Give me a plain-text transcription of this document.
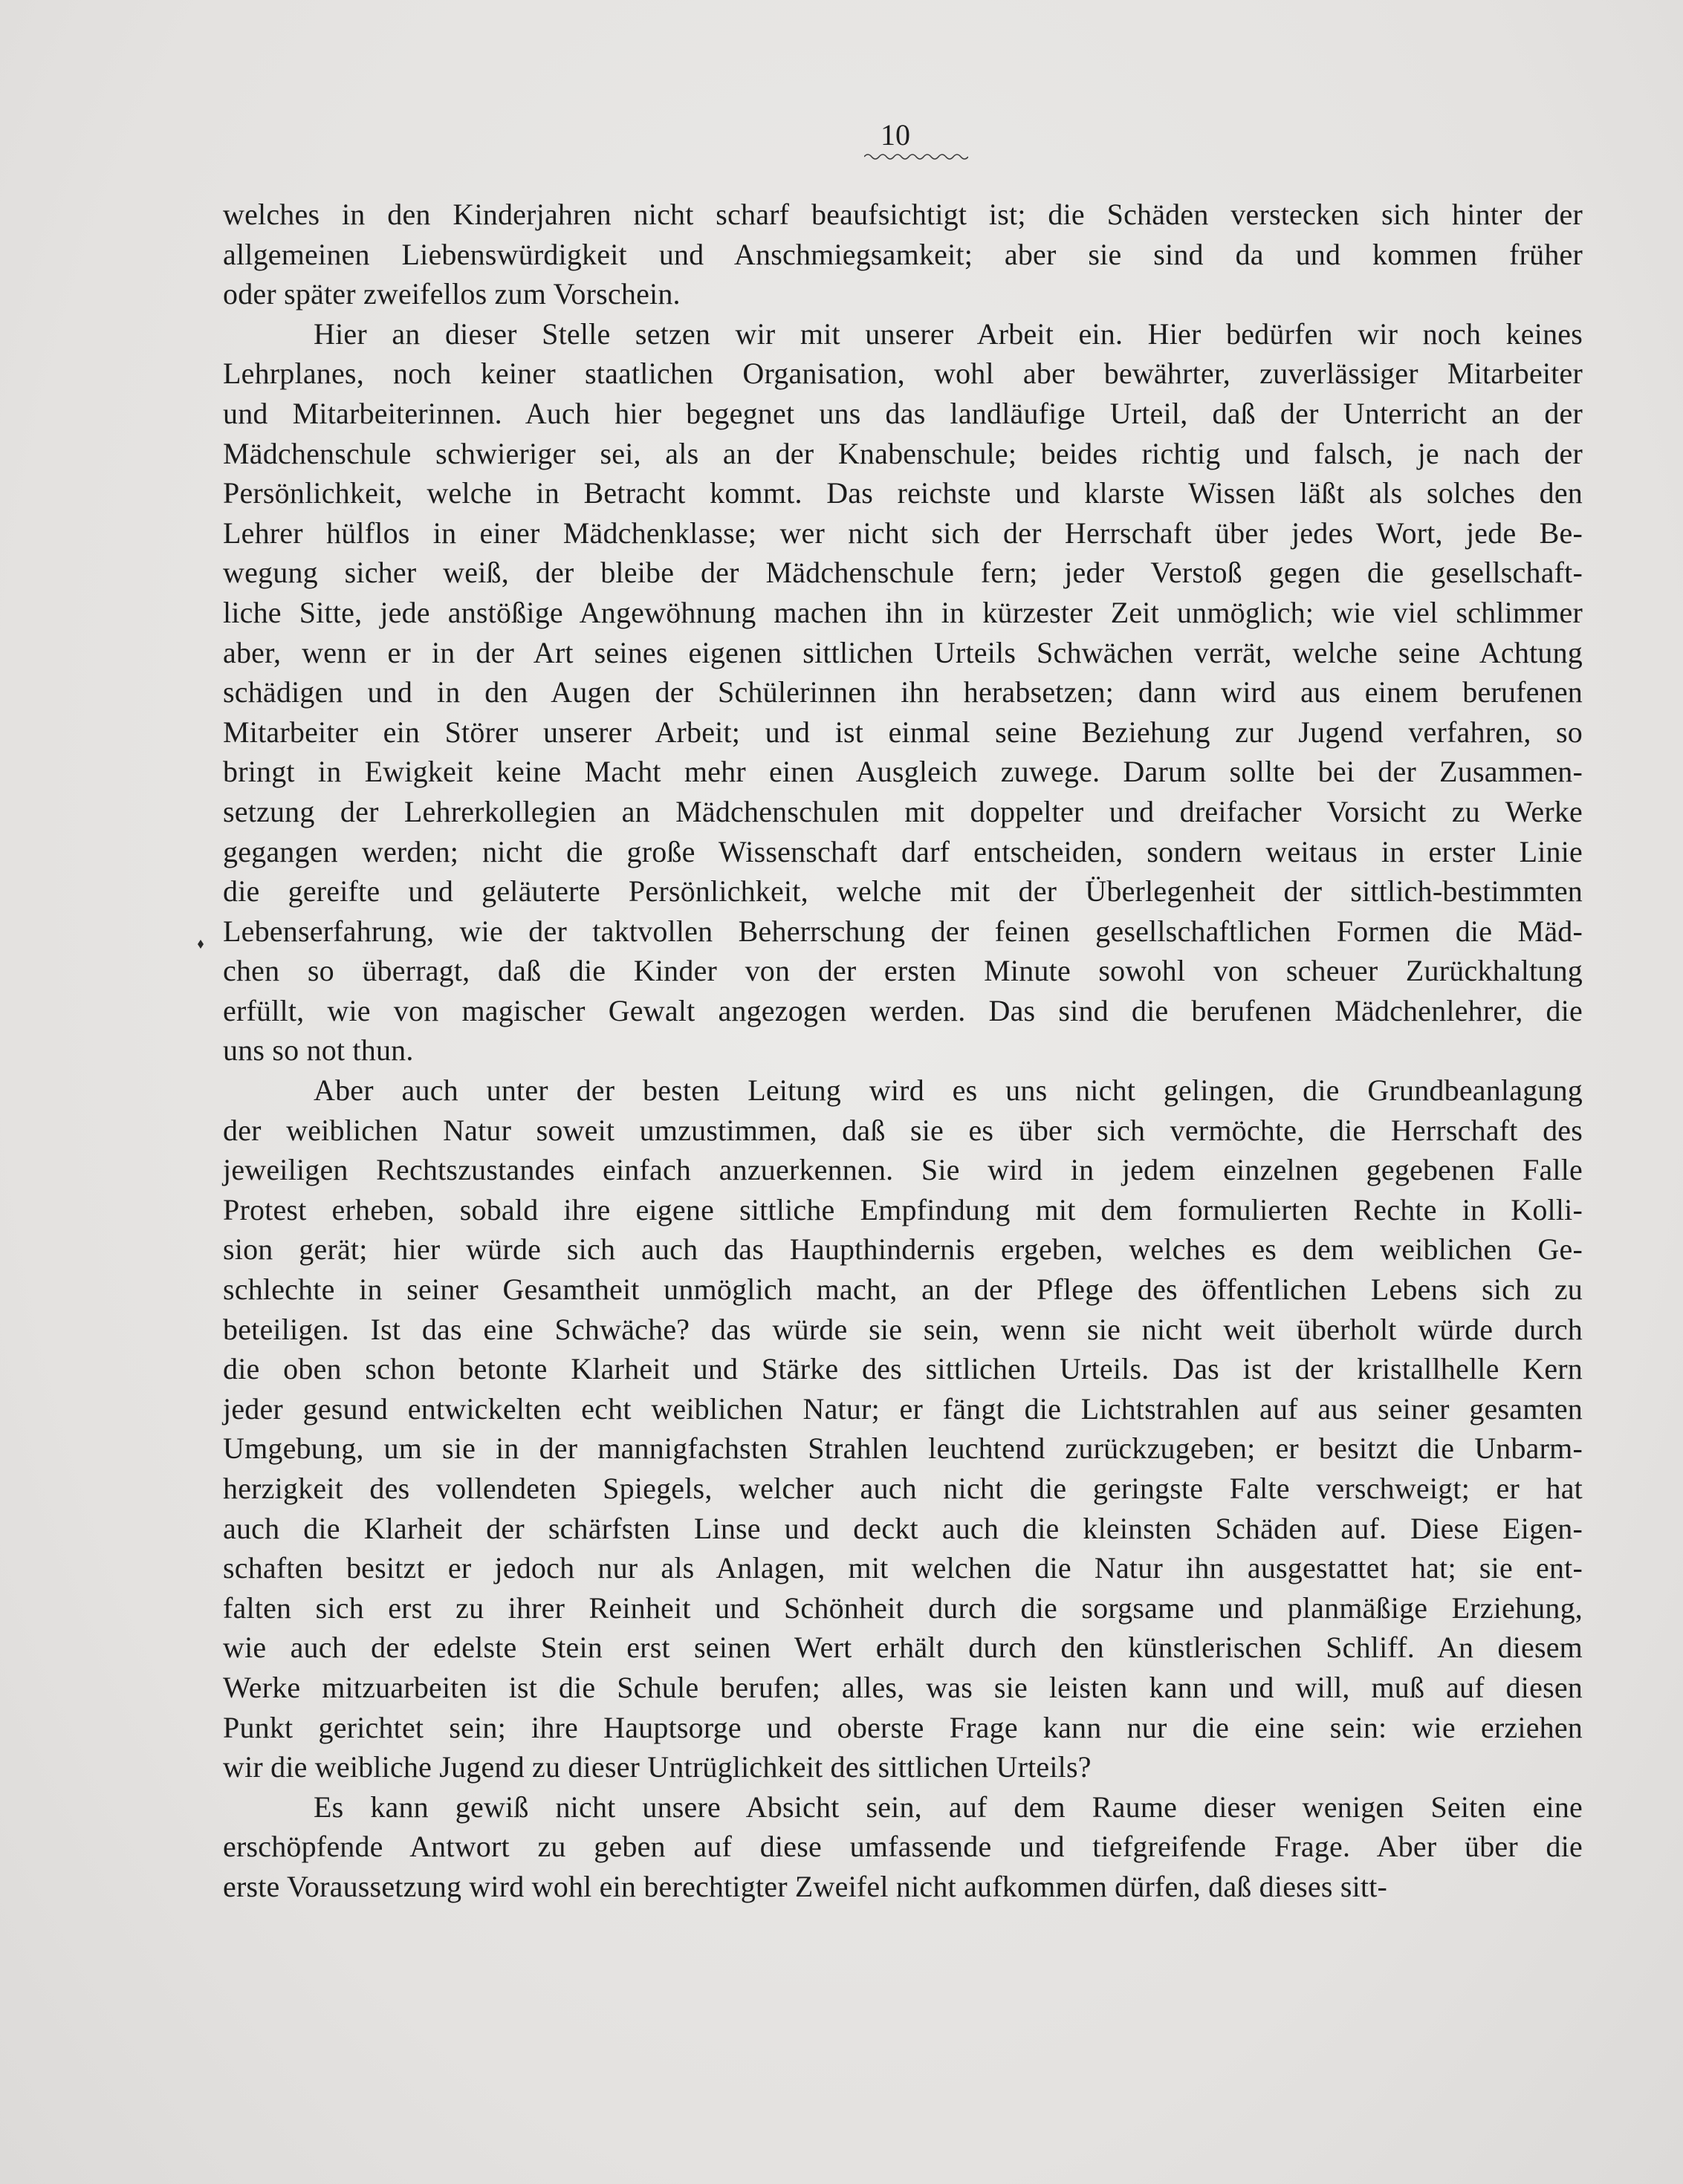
10
welches in den Kinderjahren nicht scharf beaufsichtigt ist; die Schäden verstecken sich hinter der
allgemeinen Liebenswürdigkeit und Anschmiegsamkeit; aber sie sind da und kommen früher
oder später zweifellos zum Vorschein.
Hier an dieser Stelle setzen wir mit unserer Arbeit ein. Hier bedürfen wir noch keines
Lehrplanes, noch keiner staatlichen Organisation, wohl aber bewährter, zuverlässiger Mitarbeiter
und Mitarbeiterinnen. Auch hier begegnet uns das landläufige Urteil, daß der Unterricht an der
Mädchenschule schwieriger sei, als an der Knabenschule; beides richtig und falsch, je nach der
Persönlichkeit, welche in Betracht kommt. Das reichste und klarste Wissen läßt als solches den
Lehrer hülflos in einer Mädchenklasse; wer nicht sich der Herrschaft über jedes Wort, jede Be-
wegung sicher weiß, der bleibe der Mädchenschule fern; jeder Verstoß gegen die gesellschaft-
liche Sitte, jede anstößige Angewöhnung machen ihn in kürzester Zeit unmöglich; wie viel schlimmer
aber, wenn er in der Art seines eigenen sittlichen Urteils Schwächen verrät, welche seine Achtung
schädigen und in den Augen der Schülerinnen ihn herabsetzen; dann wird aus einem berufenen
Mitarbeiter ein Störer unserer Arbeit; und ist einmal seine Beziehung zur Jugend verfahren, so
bringt in Ewigkeit keine Macht mehr einen Ausgleich zuwege. Darum sollte bei der Zusammen-
setzung der Lehrerkollegien an Mädchenschulen mit doppelter und dreifacher Vorsicht zu Werke
gegangen werden; nicht die große Wissenschaft darf entscheiden, sondern weitaus in erster Linie
die gereifte und geläuterte Persönlichkeit, welche mit der Überlegenheit der sittlich-bestimmten
Lebenserfahrung, wie der taktvollen Beherrschung der feinen gesellschaftlichen Formen die Mäd-
chen so überragt, daß die Kinder von der ersten Minute sowohl von scheuer Zurückhaltung
erfüllt, wie von magischer Gewalt angezogen werden. Das sind die berufenen Mädchenlehrer, die
uns so not thun.
Aber auch unter der besten Leitung wird es uns nicht gelingen, die Grundbeanlagung
der weiblichen Natur soweit umzustimmen, daß sie es über sich vermöchte, die Herrschaft des
jeweiligen Rechtszustandes einfach anzuerkennen. Sie wird in jedem einzelnen gegebenen Falle
Protest erheben, sobald ihre eigene sittliche Empfindung mit dem formulierten Rechte in Kolli-
sion gerät; hier würde sich auch das Haupthindernis ergeben, welches es dem weiblichen Ge-
schlechte in seiner Gesamtheit unmöglich macht, an der Pflege des öffentlichen Lebens sich zu
beteiligen. Ist das eine Schwäche? das würde sie sein, wenn sie nicht weit überholt würde durch
die oben schon betonte Klarheit und Stärke des sittlichen Urteils. Das ist der kristallhelle Kern
jeder gesund entwickelten echt weiblichen Natur; er fängt die Lichtstrahlen auf aus seiner gesamten
Umgebung, um sie in der mannigfachsten Strahlen leuchtend zurückzugeben; er besitzt die Unbarm-
herzigkeit des vollendeten Spiegels, welcher auch nicht die geringste Falte verschweigt; er hat
auch die Klarheit der schärfsten Linse und deckt auch die kleinsten Schäden auf. Diese Eigen-
schaften besitzt er jedoch nur als Anlagen, mit welchen die Natur ihn ausgestattet hat; sie ent-
falten sich erst zu ihrer Reinheit und Schönheit durch die sorgsame und planmäßige Erziehung,
wie auch der edelste Stein erst seinen Wert erhält durch den künstlerischen Schliff. An diesem
Werke mitzuarbeiten ist die Schule berufen; alles, was sie leisten kann und will, muß auf diesen
Punkt gerichtet sein; ihre Hauptsorge und oberste Frage kann nur die eine sein: wie erziehen
wir die weibliche Jugend zu dieser Untrüglichkeit des sittlichen Urteils?
Es kann gewiß nicht unsere Absicht sein, auf dem Raume dieser wenigen Seiten eine
erschöpfende Antwort zu geben auf diese umfassende und tiefgreifende Frage. Aber über die
erste Voraussetzung wird wohl ein berechtigter Zweifel nicht aufkommen dürfen, daß dieses sitt-
